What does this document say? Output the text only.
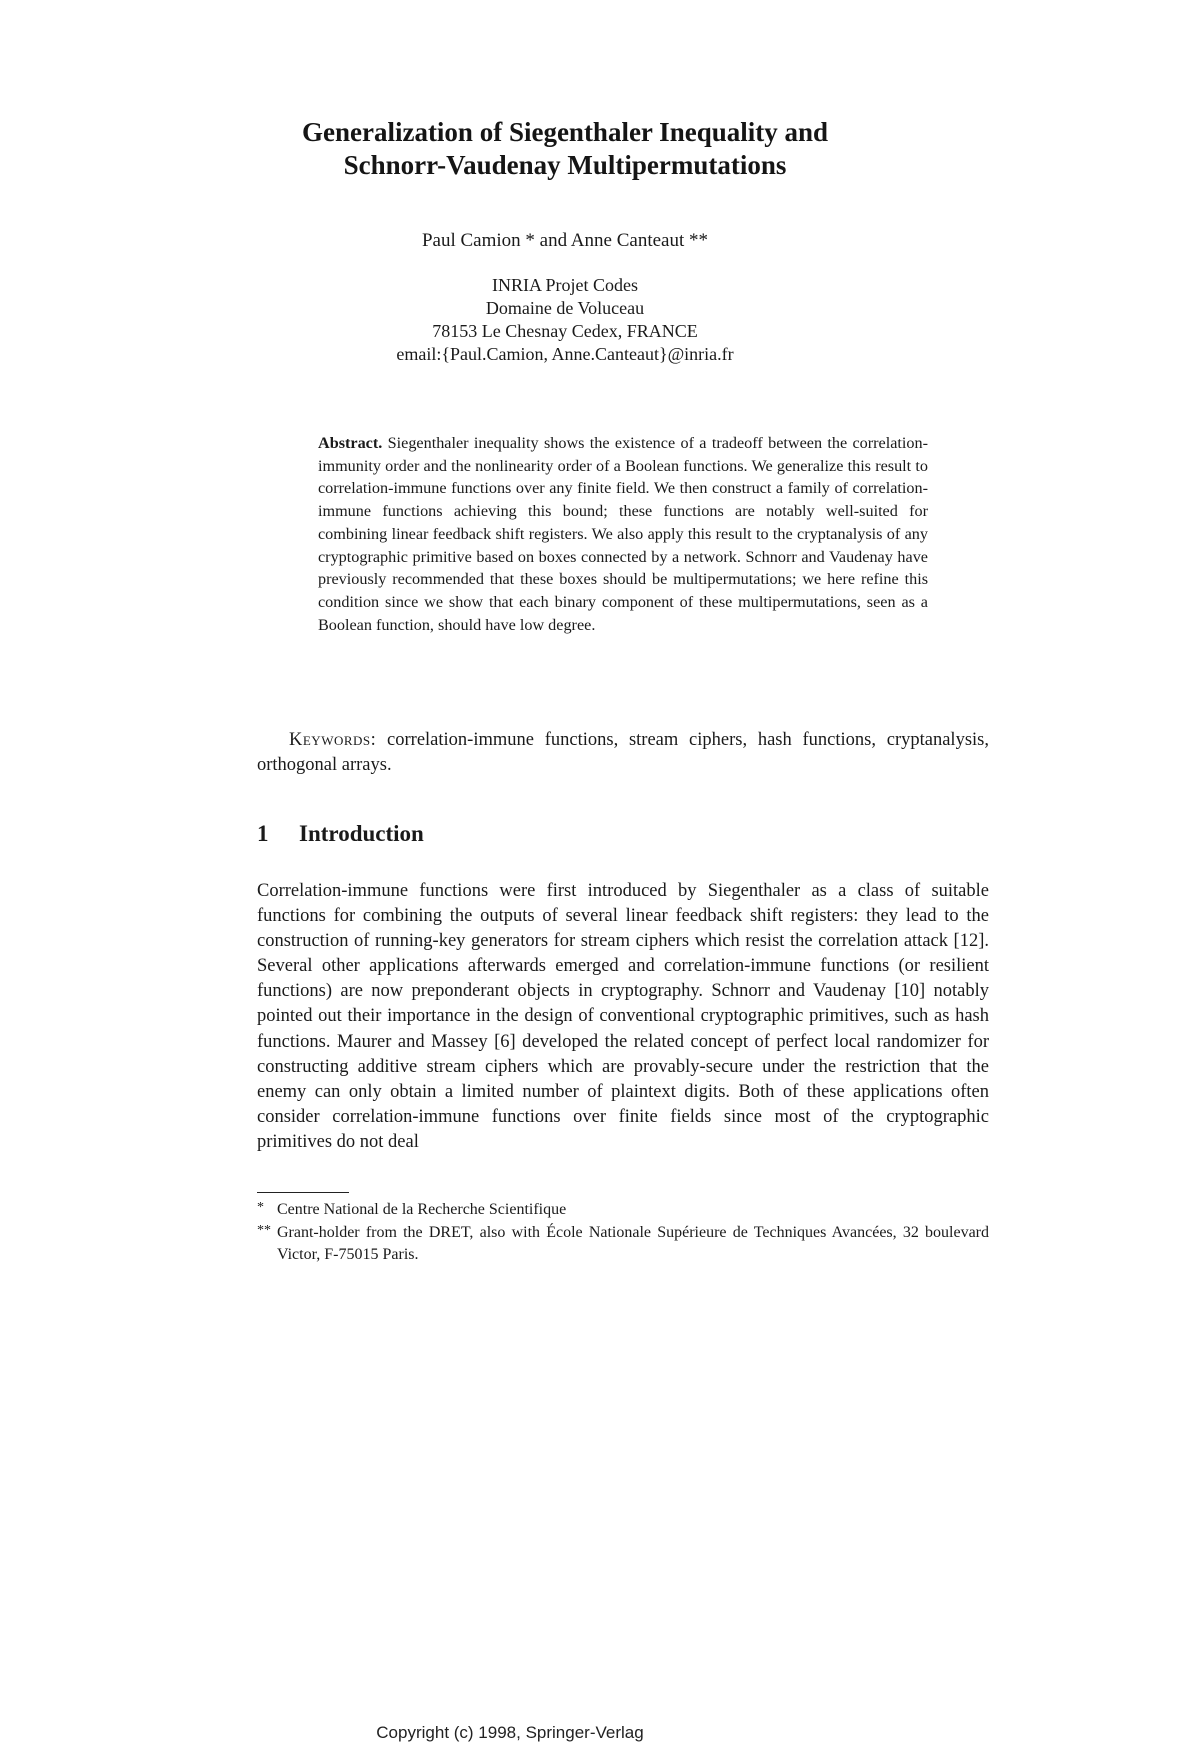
Generalization of Siegenthaler Inequality and
Schnorr-Vaudenay Multipermutations
Paul Camion * and Anne Canteaut **
INRIA Projet Codes
Domaine de Voluceau
78153 Le Chesnay Cedex, FRANCE
email:{Paul.Camion, Anne.Canteaut}@inria.fr
Abstract. Siegenthaler inequality shows the existence of a tradeoff between the correlation-immunity order and the nonlinearity order of a Boolean functions. We generalize this result to correlation-immune functions over any finite field. We then construct a family of correlation-immune functions achieving this bound; these functions are notably well-suited for combining linear feedback shift registers. We also apply this result to the cryptanalysis of any cryptographic primitive based on boxes connected by a network. Schnorr and Vaudenay have previously recommended that these boxes should be multipermutations; we here refine this condition since we show that each binary component of these multipermutations, seen as a Boolean function, should have low degree.
Keywords: correlation-immune functions, stream ciphers, hash functions, cryptanalysis, orthogonal arrays.
1 Introduction
Correlation-immune functions were first introduced by Siegenthaler as a class of suitable functions for combining the outputs of several linear feedback shift registers: they lead to the construction of running-key generators for stream ciphers which resist the correlation attack [12]. Several other applications afterwards emerged and correlation-immune functions (or resilient functions) are now preponderant objects in cryptography. Schnorr and Vaudenay [10] notably pointed out their importance in the design of conventional cryptographic primitives, such as hash functions. Maurer and Massey [6] developed the related concept of perfect local randomizer for constructing additive stream ciphers which are provably-secure under the restriction that the enemy can only obtain a limited number of plaintext digits. Both of these applications often consider correlation-immune functions over finite fields since most of the cryptographic primitives do not deal
* Centre National de la Recherche Scientifique
** Grant-holder from the DRET, also with École Nationale Supérieure de Techniques Avancées, 32 boulevard Victor, F-75015 Paris.
Copyright (c) 1998, Springer-Verlag
